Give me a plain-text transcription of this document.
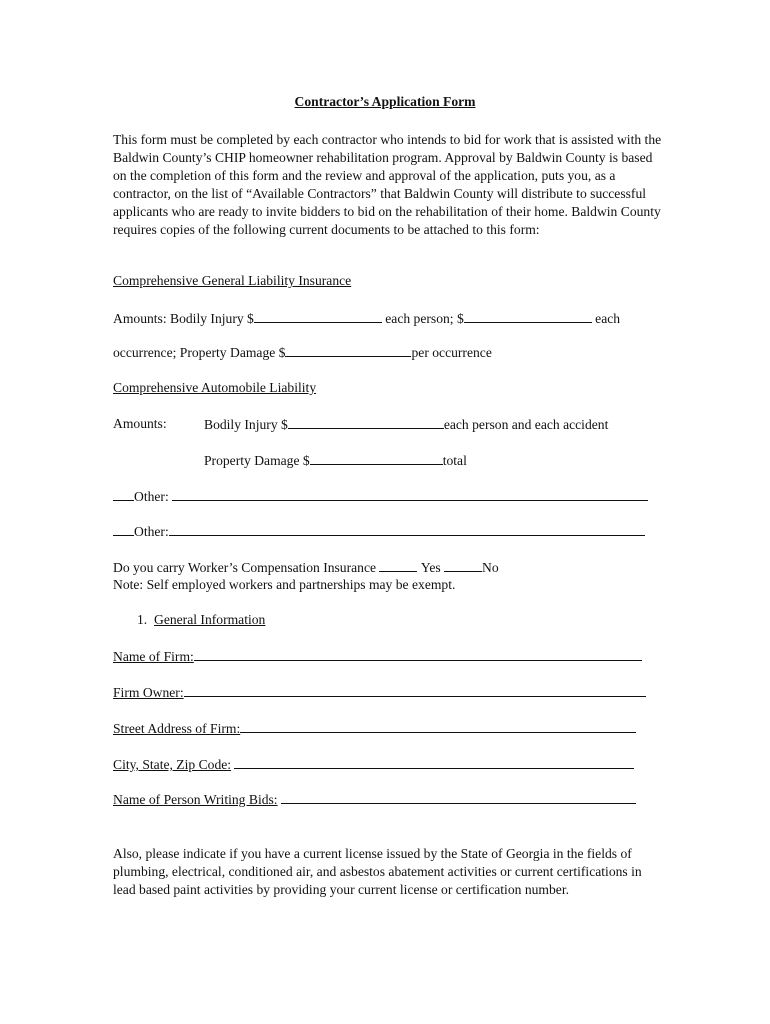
Contractor’s Application Form
This form must be completed by each contractor who intends to bid for work that is assisted with the Baldwin County’s CHIP homeowner rehabilitation program. Approval by Baldwin County is based on the completion of this form and the review and approval of the application, puts you, as a contractor, on the list of “Available Contractors” that Baldwin County will distribute to successful applicants who are ready to invite bidders to bid on the rehabilitation of their home. Baldwin County requires copies of the following current documents to be attached to this form:
Comprehensive General Liability Insurance
Amounts: Bodily Injury $	each person; $	each
occurrence; Property Damage $	per occurrence
Comprehensive Automobile Liability
Amounts:	Bodily Injury $	each person and each accident
Property Damage $	total
Other:
Other:
Do you carry Worker’s Compensation Insurance	Yes	No
Note: Self employed workers and partnerships may be exempt.
1. General Information
Name of Firm:
Firm Owner:
Street Address of Firm:
City, State, Zip Code:
Name of Person Writing Bids:
Also, please indicate if you have a current license issued by the State of Georgia in the fields of plumbing, electrical, conditioned air, and asbestos abatement activities or current certifications in lead based paint activities by providing your current license or certification number.
